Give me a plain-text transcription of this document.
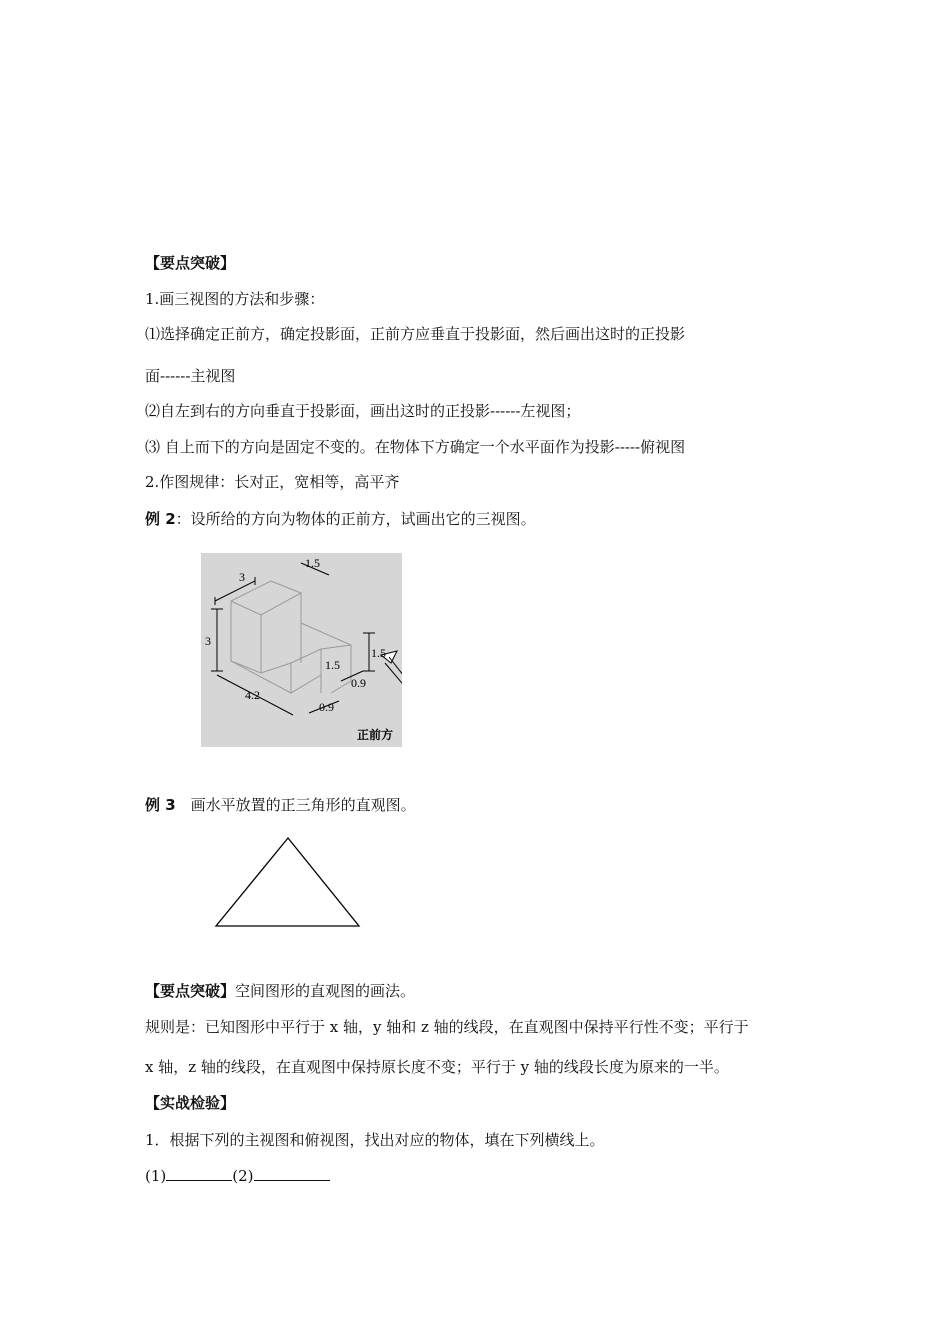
【要点突破】
1.画三视图的方法和步骤：
⑴选择确定正前方，确定投影面，正前方应垂直于投影面，然后画出这时的正投影
面------主视图
⑵自左到右的方向垂直于投影面，画出这时的正投影------左视图；
⑶ 自上而下的方向是固定不变的。在物体下方确定一个水平面作为投影-----俯视图
2.作图规律：长对正，宽相等，高平齐
例 2：设所给的方向为物体的正前方，试画出它的三视图。
3
1.5
3
1.5
1.5
4.2
0.9
0.9
正前方
例 3　画水平放置的正三角形的直观图。
【要点突破】空间图形的直观图的画法。
规则是：已知图形中平行于 x 轴，y 轴和 z 轴的线段，在直观图中保持平行性不变；平行于
x 轴，z 轴的线段，在直观图中保持原长度不变；平行于 y 轴的线段长度为原来的一半。
【实战检验】
1．根据下列的主视图和俯视图，找出对应的物体，填在下列横线上。
(1)	(2)
